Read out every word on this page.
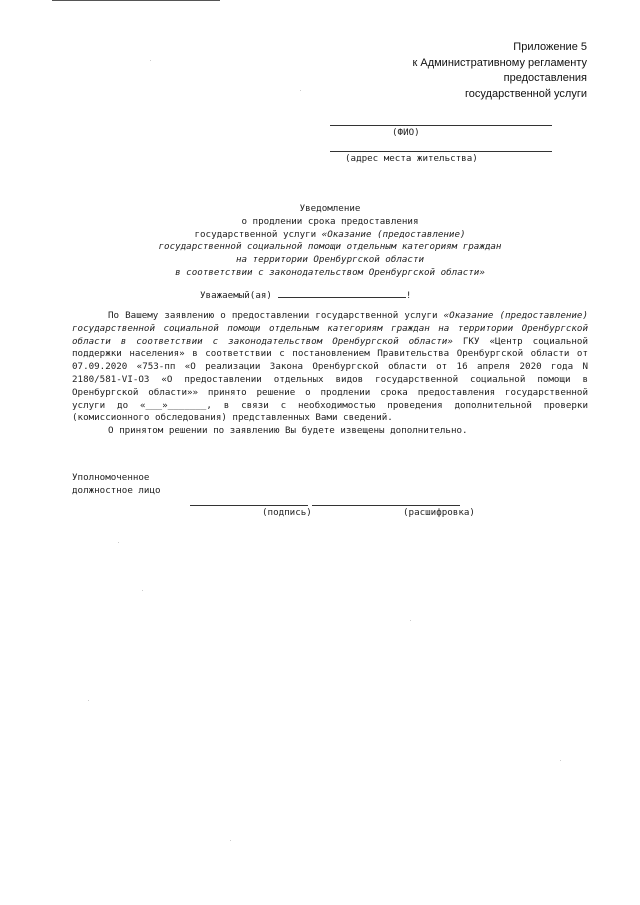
Приложение 5
к Административному регламенту
предоставления
государственной услуги
(ФИО)
(адрес места жительства)
Уведомление
о продлении срока предоставления
государственной услуги «Оказание (предоставление)
государственной социальной помощи отдельным категориям граждан
на территории Оренбургской области
в соответствии с законодательством Оренбургской области»
Уважаемый(ая)	!

По Вашему заявлению о предоставлении государственной услуги «Оказание (предоставление) государственной социальной помощи отдельным категориям граждан на территории Оренбургской области в соответствии с законодательством Оренбургской области» ГКУ «Центр социальной поддержки населения» в соответствии с постановлением Правительства Оренбургской области от 07.09.2020 «753-пп «О реализации Закона Оренбургской области от 16 апреля 2020 года N 2180/581-VI-ОЗ «О предоставлении отдельных видов государственной социальной помощи в Оренбургской области»» принято решение о продлении срока предоставления государственной услуги до «___»_______, в связи с необходимостью проведения дополнительной проверки (комиссионного обследования) представленных Вами сведений.

О принятом решении по заявлению Вы будете извещены дополнительно.

Уполномоченное
должностное лицо
(подпись)	(расшифровка)
